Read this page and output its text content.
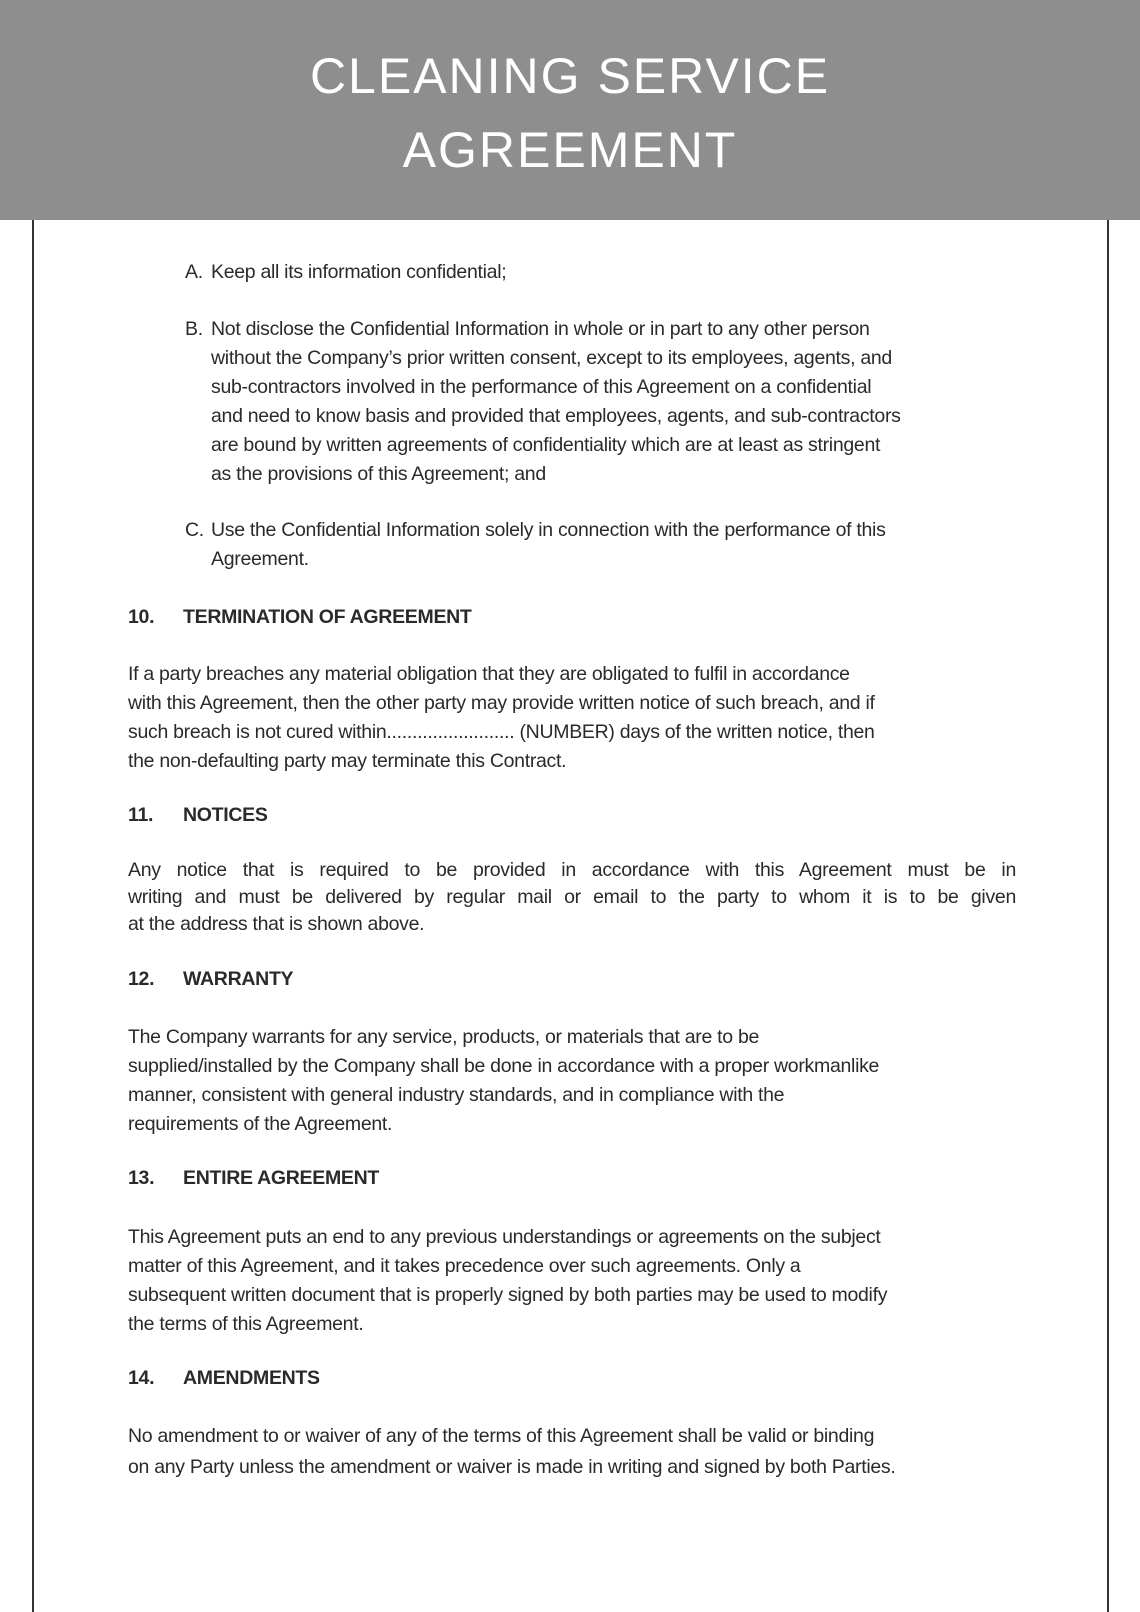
CLEANING SERVICE
AGREEMENT
A. Keep all its information confidential;
B. Not disclose the Confidential Information in whole or in part to any other person
without the Company’s prior written consent, except to its employees, agents, and
sub-contractors involved in the performance of this Agreement on a confidential
and need to know basis and provided that employees, agents, and sub-contractors
are bound by written agreements of confidentiality which are at least as stringent
as the provisions of this Agreement; and
C. Use the Confidential Information solely in connection with the performance of this
Agreement.
10. TERMINATION OF AGREEMENT
If a party breaches any material obligation that they are obligated to fulfil in accordance
with this Agreement, then the other party may provide written notice of such breach, and if
such breach is not cured within......................... (NUMBER) days of the written notice, then
the non-defaulting party may terminate this Contract.
11. NOTICES
Any notice that is required to be provided in accordance with this Agreement must be in
writing and must be delivered by regular mail or email to the party to whom it is to be given
at the address that is shown above.
12. WARRANTY
The Company warrants for any service, products, or materials that are to be
supplied/installed by the Company shall be done in accordance with a proper workmanlike
manner, consistent with general industry standards, and in compliance with the
requirements of the Agreement.
13. ENTIRE AGREEMENT
This Agreement puts an end to any previous understandings or agreements on the subject
matter of this Agreement, and it takes precedence over such agreements. Only a
subsequent written document that is properly signed by both parties may be used to modify
the terms of this Agreement.
14. AMENDMENTS
No amendment to or waiver of any of the terms of this Agreement shall be valid or binding
on any Party unless the amendment or waiver is made in writing and signed by both Parties.
